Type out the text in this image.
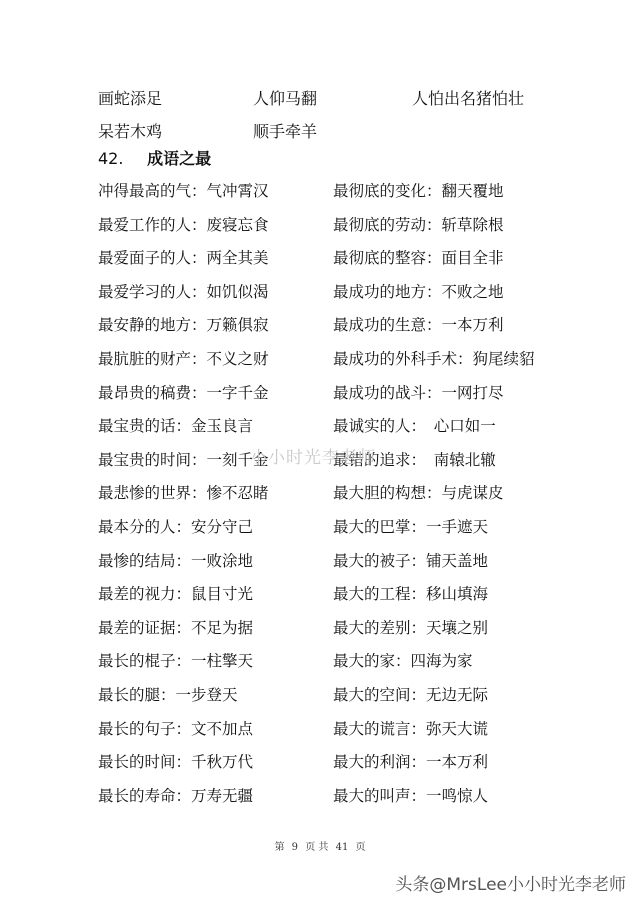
画蛇添足	人仰马翻	人怕出名猪怕壮
呆若木鸡	顺手牵羊
42. 成语之最
冲得最高的气：气冲霄汉	最彻底的变化：翻天覆地
最爱工作的人：废寝忘食	最彻底的劳动：斩草除根
最爱面子的人：两全其美	最彻底的整容：面目全非
最爱学习的人：如饥似渴	最成功的地方：不败之地
最安静的地方：万籁俱寂	最成功的生意：一本万利
最肮脏的财产：不义之财	最成功的外科手术：狗尾续貂
最昂贵的稿费：一字千金	最成功的战斗：一网打尽
最宝贵的话：金玉良言	最诚实的人：　心口如一
最宝贵的时间：一刻千金	最错的追求：　南辕北辙
最悲惨的世界：惨不忍睹	最大胆的构想：与虎谋皮
最本分的人：安分守己	最大的巴掌：一手遮天
最惨的结局：一败涂地	最大的被子：铺天盖地
最差的视力：鼠目寸光	最大的工程：移山填海
最差的证据：不足为据	最大的差别：天壤之别
最长的棍子：一柱擎天	最大的家：四海为家
最长的腿：一步登天	最大的空间：无边无际
最长的句子：文不加点	最大的谎言：弥天大谎
最长的时间：千秋万代	最大的利润：一本万利
最长的寿命：万寿无疆	最大的叫声：一鸣惊人
小小时光李老师
第 9 页 共 41 页
头条@MrsLee小小时光李老师
